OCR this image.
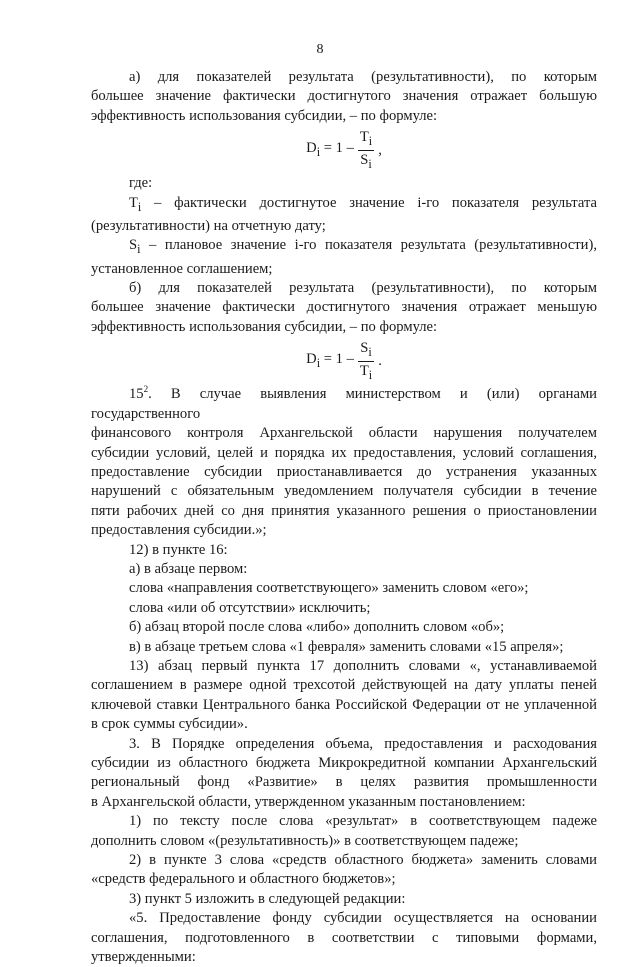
8

а) для показателей результата (результативности), по которым

большее значение фактически достигнутого значения отражает большую

эффективность использования субсидии, – по формуле:

$D_i = 1 - \frac{T_i}{S_i}$ ,

где:

$T_i$ – фактически достигнутое значение i-го показателя результата

(результативности) на отчетную дату;

$S_i$ – плановое значение i-го показателя результата (результативности),

установленное соглашением;

б) для показателей результата (результативности), по которым

большее значение фактически достигнутого значения отражает меньшую

эффективность использования субсидии, – по формуле:

$D_i = 1 - \frac{S_i}{T_i}$ .

$15^2$. В случае выявления министерством и (или) органами государственного

финансового контроля Архангельской области нарушения получателем

субсидии условий, целей и порядка их предоставления, условий соглашения,

предоставление субсидии приостанавливается до устранения указанных

нарушений с обязательным уведомлением получателя субсидии в течение

пяти рабочих дней со дня принятия указанного решения о приостановлении

предоставления субсидии.»;

12) в пункте 16:

а) в абзаце первом:

слова «направления соответствующего» заменить словом «его»;

слова «или об отсутствии» исключить;

б) абзац второй после слова «либо» дополнить словом «об»;

в) в абзаце третьем слова «1 февраля» заменить словами «15 апреля»;

13) абзац первый пункта 17 дополнить словами «, устанавливаемой

соглашением в размере одной трехсотой действующей на дату уплаты пеней

ключевой ставки Центрального банка Российской Федерации от не уплаченной

в срок суммы субсидии».

3. В Порядке определения объема, предоставления и расходования

субсидии из областного бюджета Микрокредитной компании Архангельский

региональный фонд «Развитие» в целях развития промышленности

в Архангельской области, утвержденном указанным постановлением:

1) по тексту после слова «результат» в соответствующем падеже

дополнить словом «(результативность)» в соответствующем падеже;

2) в пункте 3 слова «средств областного бюджета» заменить словами

«средств федерального и областного бюджетов»;

3) пункт 5 изложить в следующей редакции:

«5. Предоставление фонду субсидии осуществляется на основании

соглашения, подготовленного в соответствии с типовыми формами,

утвержденными:
